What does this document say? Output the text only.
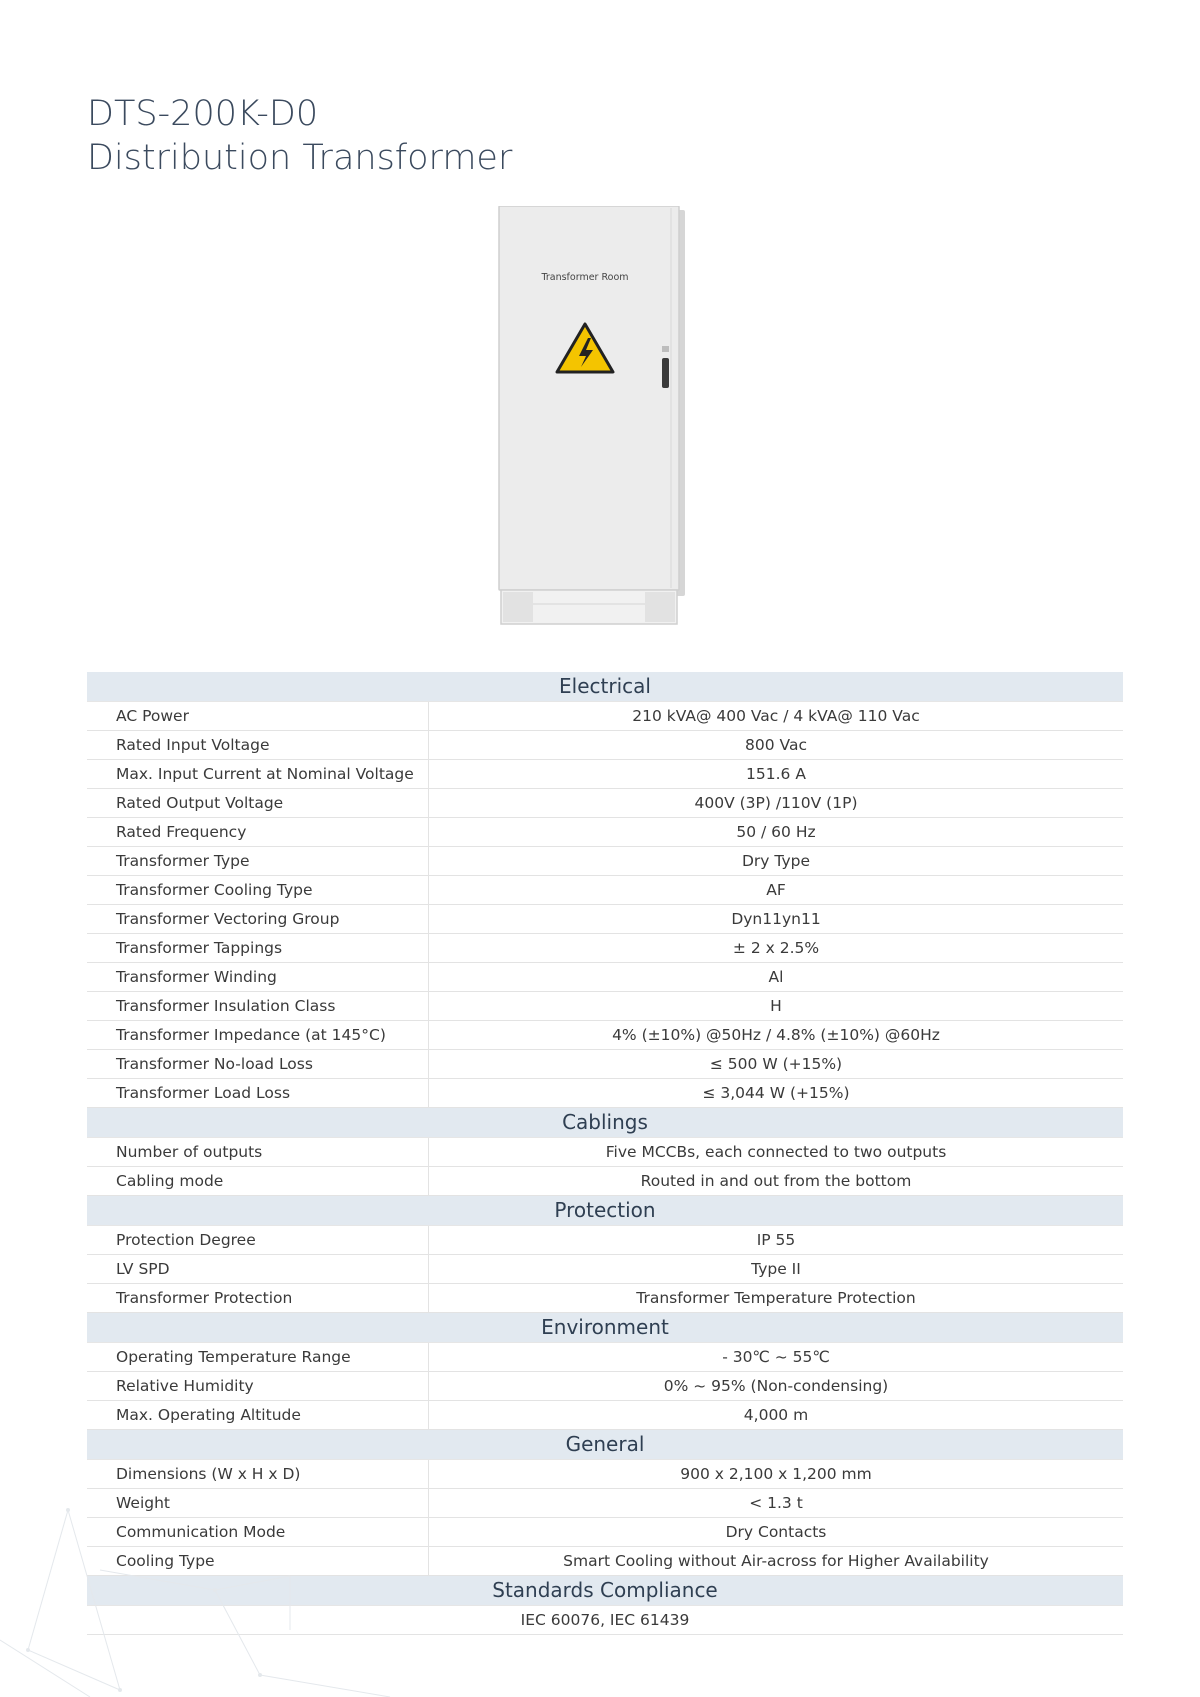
DTS-200K-D0
Distribution Transformer
Transformer Room
Electrical
AC Power	210 kVA@ 400 Vac / 4 kVA@ 110 Vac
Rated Input Voltage	800 Vac
Max. Input Current at Nominal Voltage	151.6 A
Rated Output Voltage	400V (3P) /110V (1P)
Rated Frequency	50 / 60 Hz
Transformer Type	Dry Type
Transformer Cooling Type	AF
Transformer Vectoring Group	Dyn11yn11
Transformer Tappings	± 2 x 2.5%
Transformer Winding	Al
Transformer Insulation Class	H
Transformer Impedance (at 145°C)	4% (±10%) @50Hz / 4.8% (±10%) @60Hz
Transformer No-load Loss	≤ 500 W (+15%)
Transformer Load Loss	≤ 3,044 W (+15%)
Cablings
Number of outputs	Five MCCBs, each connected to two outputs
Cabling mode	Routed in and out from the bottom
Protection
Protection Degree	IP 55
LV SPD	Type II
Transformer Protection	Transformer Temperature Protection
Environment
Operating Temperature Range	- 30℃ ~ 55℃
Relative Humidity	0% ~ 95% (Non-condensing)
Max. Operating Altitude	4,000 m
General
Dimensions (W x H x D)	900 x 2,100 x 1,200 mm
Weight	< 1.3 t
Communication Mode	Dry Contacts
Cooling Type	Smart Cooling without Air-across for Higher Availability
Standards Compliance
IEC 60076, IEC 61439
